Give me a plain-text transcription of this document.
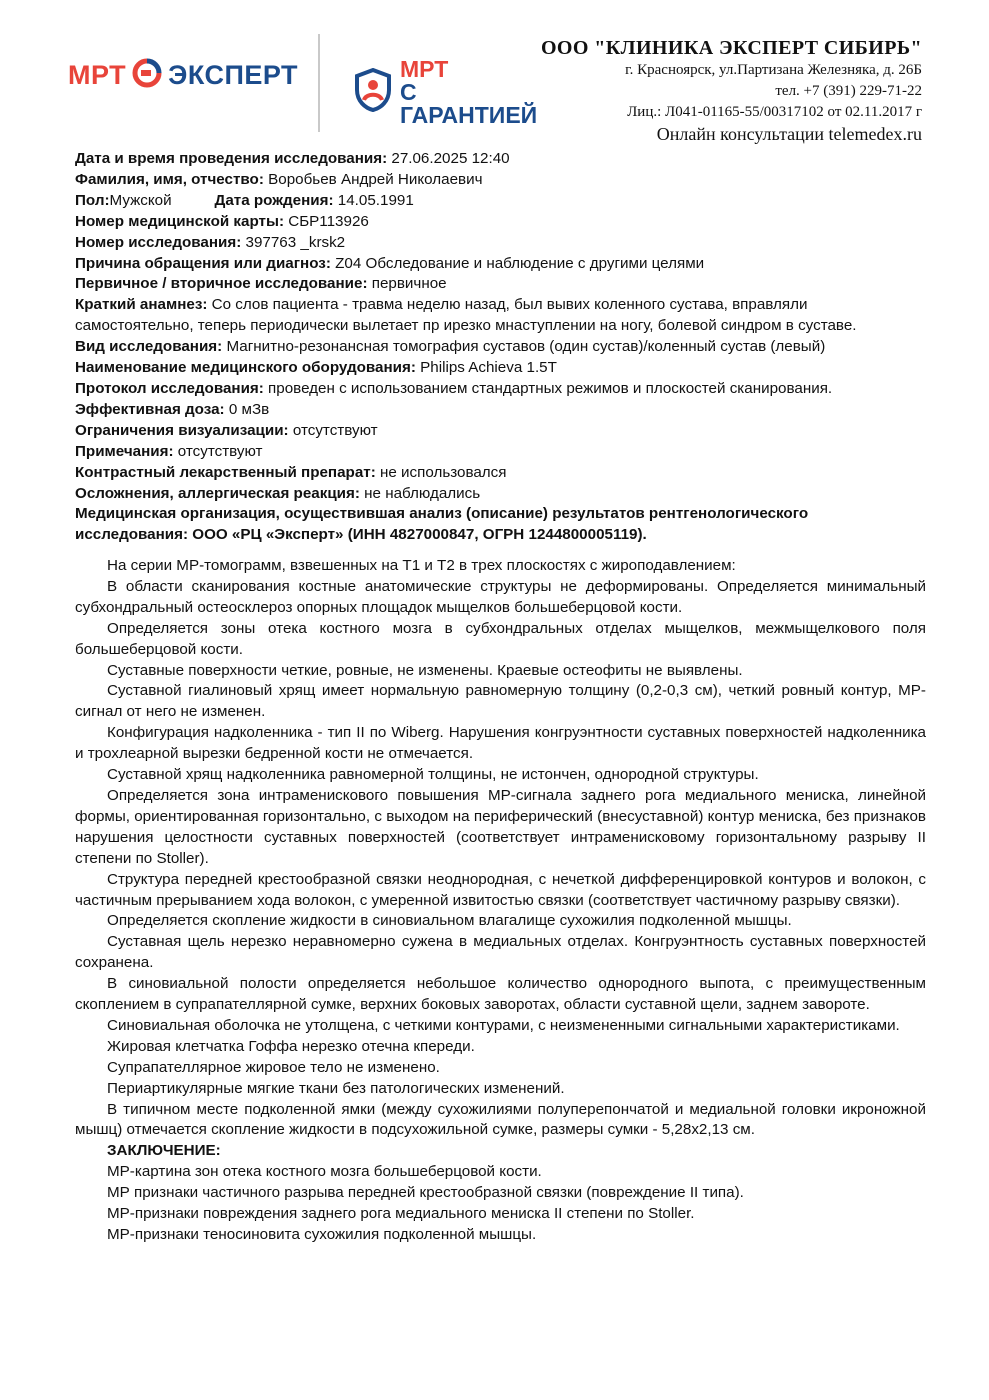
МРТ ЭКСПЕРТ	МРТ
С ГАРАНТИЕЙ
ООО "КЛИНИКА ЭКСПЕРТ СИБИРЬ"
г. Красноярск, ул.Партизана Железняка, д. 26Б
тел. +7 (391) 229-71-22
Лиц.: Л041-01165-55/00317102 от 02.11.2017 г
Онлайн консультации telemedex.ru
Дата и время проведения исследования: 27.06.2025 12:40
Фамилия, имя, отчество: Воробьев Андрей Николаевич
Пол:Мужской	Дата рождения: 14.05.1991
Номер медицинской карты: СБР113926
Номер исследования: 397763 _krsk2
Причина обращения или диагноз: Z04 Обследование и наблюдение с другими целями
Первичное / вторичное исследование: первичное
Краткий анамнез: Со слов пациента - травма неделю назад, был вывих коленного сустава, вправляли самостоятельно, теперь периодически вылетает пр ирезко мнаступлении на ногу, болевой синдром в суставе.
Вид исследования: Магнитно-резонансная томография суставов (один сустав)/коленный сустав (левый)
Наименование медицинского оборудования: Philips Achieva 1.5T
Протокол исследования: проведен с использованием стандартных режимов и плоскостей сканирования.
Эффективная доза: 0 мЗв
Ограничения визуализации: отсутствуют
Примечания: отсутствуют
Контрастный лекарственный препарат: не использовался
Осложнения, аллергическая реакция: не наблюдались
Медицинская организация, осуществившая анализ (описание) результатов рентгенологического исследования: ООО «РЦ «Эксперт» (ИНН 4827000847, ОГРН 1244800005119).

На серии МР-томограмм, взвешенных на Т1 и Т2 в трех плоскостях с жироподавлением:

В области сканирования костные анатомические структуры не деформированы. Определяется минимальный субхондральный остеосклероз опорных площадок мыщелков большеберцовой кости.

Определяется зоны отека костного мозга в субхондральных отделах мыщелков, межмыщелкового поля большеберцовой кости.

Суставные поверхности четкие, ровные, не изменены. Краевые остеофиты не выявлены.

Суставной гиалиновый хрящ имеет нормальную равномерную толщину (0,2-0,3 см), четкий ровный контур, МР-сигнал от него не изменен.

Конфигурация надколенника - тип II по Wiberg. Нарушения конгруэнтности суставных поверхностей надколенника и трохлеарной вырезки бедренной кости не отмечается.

Суставной хрящ надколенника равномерной толщины, не истончен, однородной структуры.

Определяется зона интраменискового повышения МР-сигнала заднего рога медиального мениска, линейной формы, ориентированная горизонтально, с выходом на периферический (внесуставной) контур мениска, без признаков нарушения целостности суставных поверхностей (соответствует интраменисковому горизонтальному разрыву II степени по Stoller).

Структура передней крестообразной связки неоднородная, с нечеткой дифференцировкой контуров и волокон, с частичным прерыванием хода волокон, с умеренной извитостью связки (соответствует частичному разрыву связки).

Определяется скопление жидкости в синовиальном влагалище сухожилия подколенной мышцы.

Суставная щель нерезко неравномерно сужена в медиальных отделах. Конгруэнтность суставных поверхностей сохранена.

В синовиальной полости определяется небольшое количество однородного выпота, с преимущественным скоплением в супрапателлярной сумке, верхних боковых заворотах, области суставной щели, заднем завороте.

Синовиальная оболочка не утолщена, с четкими контурами, с неизмененными сигнальными характеристиками.

Жировая клетчатка Гоффа нерезко отечна кпереди.

Супрапателлярное жировое тело не изменено.

Периартикулярные мягкие ткани без патологических изменений.

В типичном месте подколенной ямки (между сухожилиями полуперепончатой и медиальной головки икроножной мышц) отмечается скопление жидкости в подсухожильной сумке, размеры сумки - 5,28х2,13 см.

ЗАКЛЮЧЕНИЕ:
МР-картина зон отека костного мозга большеберцовой кости.
МР признаки частичного разрыва передней крестообразной связки (повреждение II типа).
МР-признаки повреждения заднего рога медиального мениска II степени по Stoller.
МР-признаки теносиновита сухожилия подколенной мышцы.
